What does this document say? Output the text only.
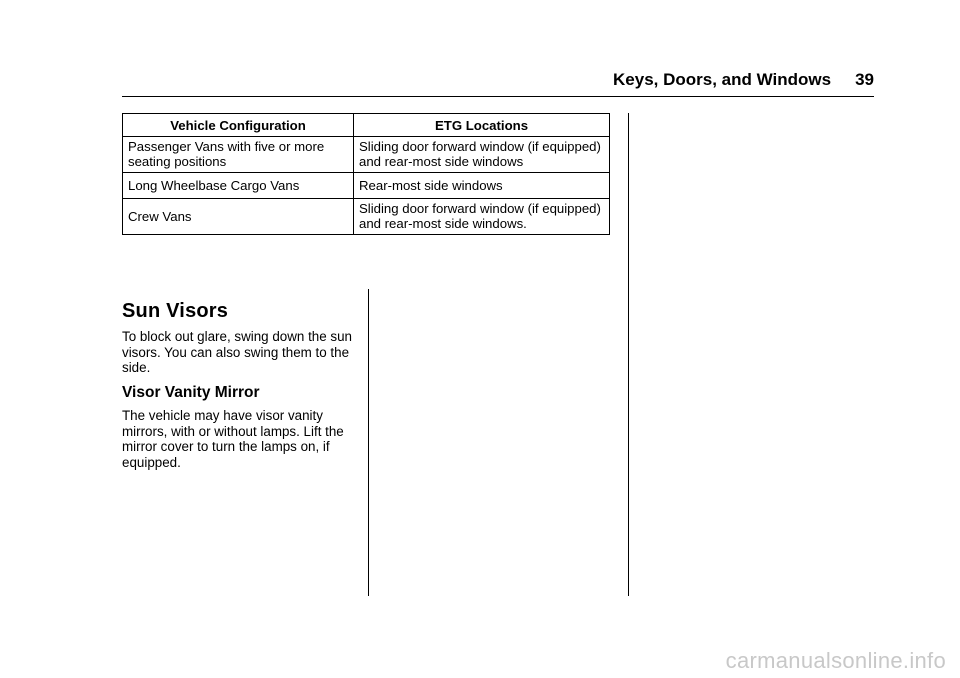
Keys, Doors, and Windows 39
Vehicle Configuration	ETG Locations
Passenger Vans with five or more seating positions	Sliding door forward window (if equipped) and rear-most side windows
Long Wheelbase Cargo Vans	Rear-most side windows
Crew Vans	Sliding door forward window (if equipped) and rear-most side windows.
Sun Visors

To block out glare, swing down the sun visors. You can also swing them to the side.

Visor Vanity Mirror

The vehicle may have visor vanity mirrors, with or without lamps. Lift the mirror cover to turn the lamps on, if equipped.

carmanualsonline.info
